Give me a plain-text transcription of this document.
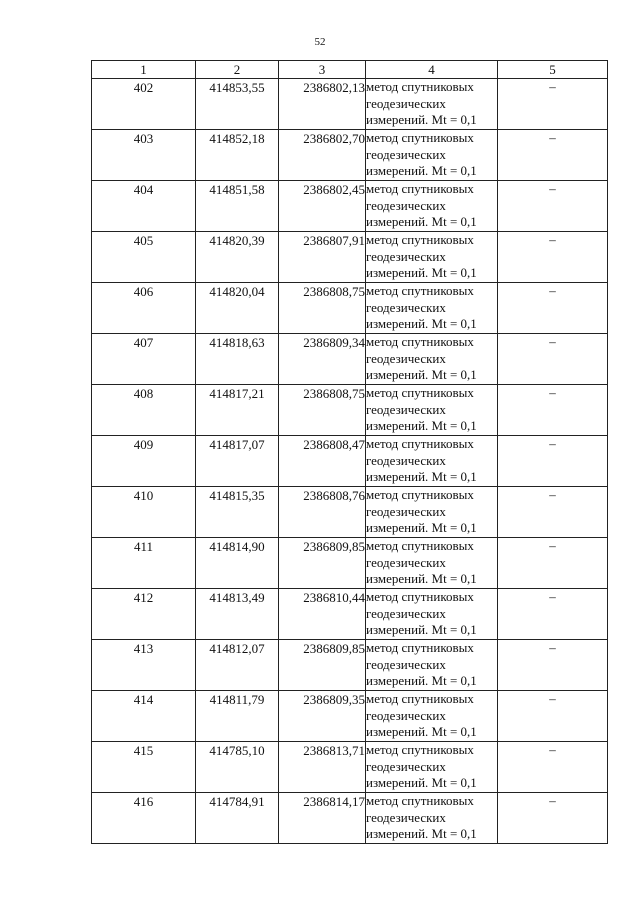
52
1	2	3	4	5
402	414853,55	2386802,13	метод спутниковых
геодезических
измерений. Mt = 0,1	–
403	414852,18	2386802,70	метод спутниковых
геодезических
измерений. Mt = 0,1	–
404	414851,58	2386802,45	метод спутниковых
геодезических
измерений. Mt = 0,1	–
405	414820,39	2386807,91	метод спутниковых
геодезических
измерений. Mt = 0,1	–
406	414820,04	2386808,75	метод спутниковых
геодезических
измерений. Mt = 0,1	–
407	414818,63	2386809,34	метод спутниковых
геодезических
измерений. Mt = 0,1	–
408	414817,21	2386808,75	метод спутниковых
геодезических
измерений. Mt = 0,1	–
409	414817,07	2386808,47	метод спутниковых
геодезических
измерений. Mt = 0,1	–
410	414815,35	2386808,76	метод спутниковых
геодезических
измерений. Mt = 0,1	–
411	414814,90	2386809,85	метод спутниковых
геодезических
измерений. Mt = 0,1	–
412	414813,49	2386810,44	метод спутниковых
геодезических
измерений. Mt = 0,1	–
413	414812,07	2386809,85	метод спутниковых
геодезических
измерений. Mt = 0,1	–
414	414811,79	2386809,35	метод спутниковых
геодезических
измерений. Mt = 0,1	–
415	414785,10	2386813,71	метод спутниковых
геодезических
измерений. Mt = 0,1	–
416	414784,91	2386814,17	метод спутниковых
геодезических
измерений. Mt = 0,1	–
